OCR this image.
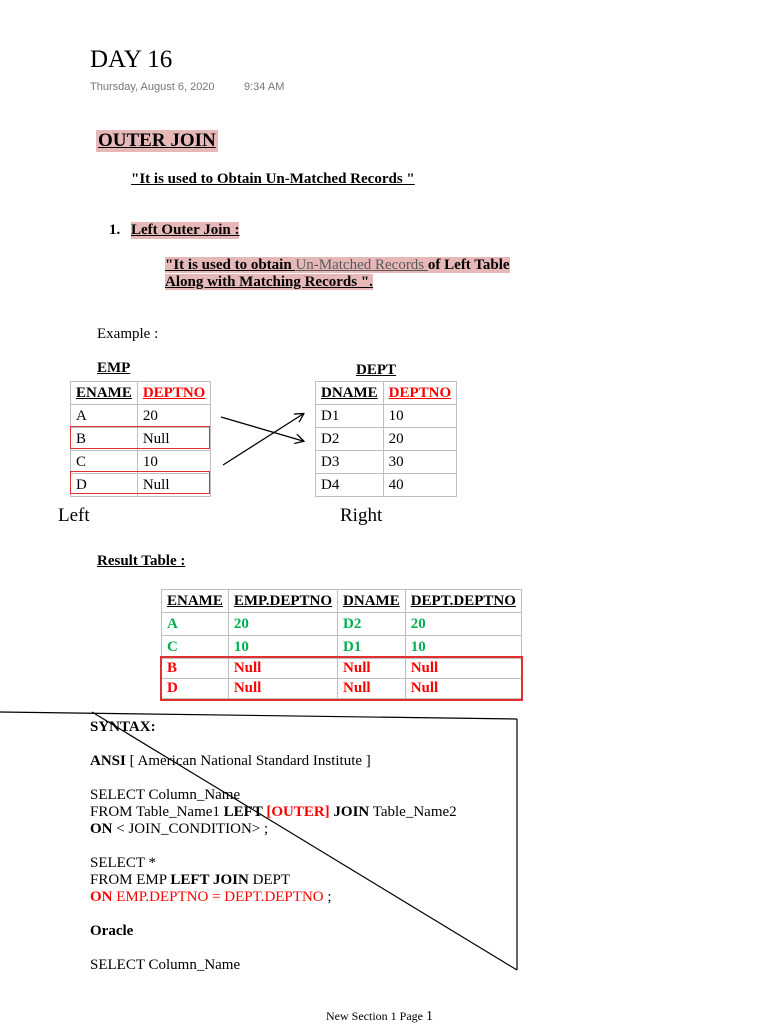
DAY 16
Thursday, August 6, 2020	9:34 AM
OUTER JOIN
"It is used to Obtain Un-Matched Records "
1. Left Outer Join :
"It is used to obtain Un-Matched Records of Left Table
Along with Matching Records ".
Example :
EMP
ENAME	DEPTNO
A	20
B	Null
C	10
D	Null
DEPT
DNAME	DEPTNO
D1	10
D2	20
D3	30
D4	40
Left	Right
Result Table :
ENAME	EMP.DEPTNO	DNAME	DEPT.DEPTNO
A	20	D2	20
C	10	D1	10
B	Null	Null	Null
D	Null	Null	Null
SYNTAX:
ANSI [ American National Standard Institute ]
SELECT Column_Name
FROM Table_Name1 LEFT [OUTER] JOIN Table_Name2
ON < JOIN_CONDITION> ;
SELECT *
FROM EMP LEFT JOIN DEPT
ON EMP.DEPTNO = DEPT.DEPTNO ;
Oracle
SELECT Column_Name
New Section 1 Page 1
